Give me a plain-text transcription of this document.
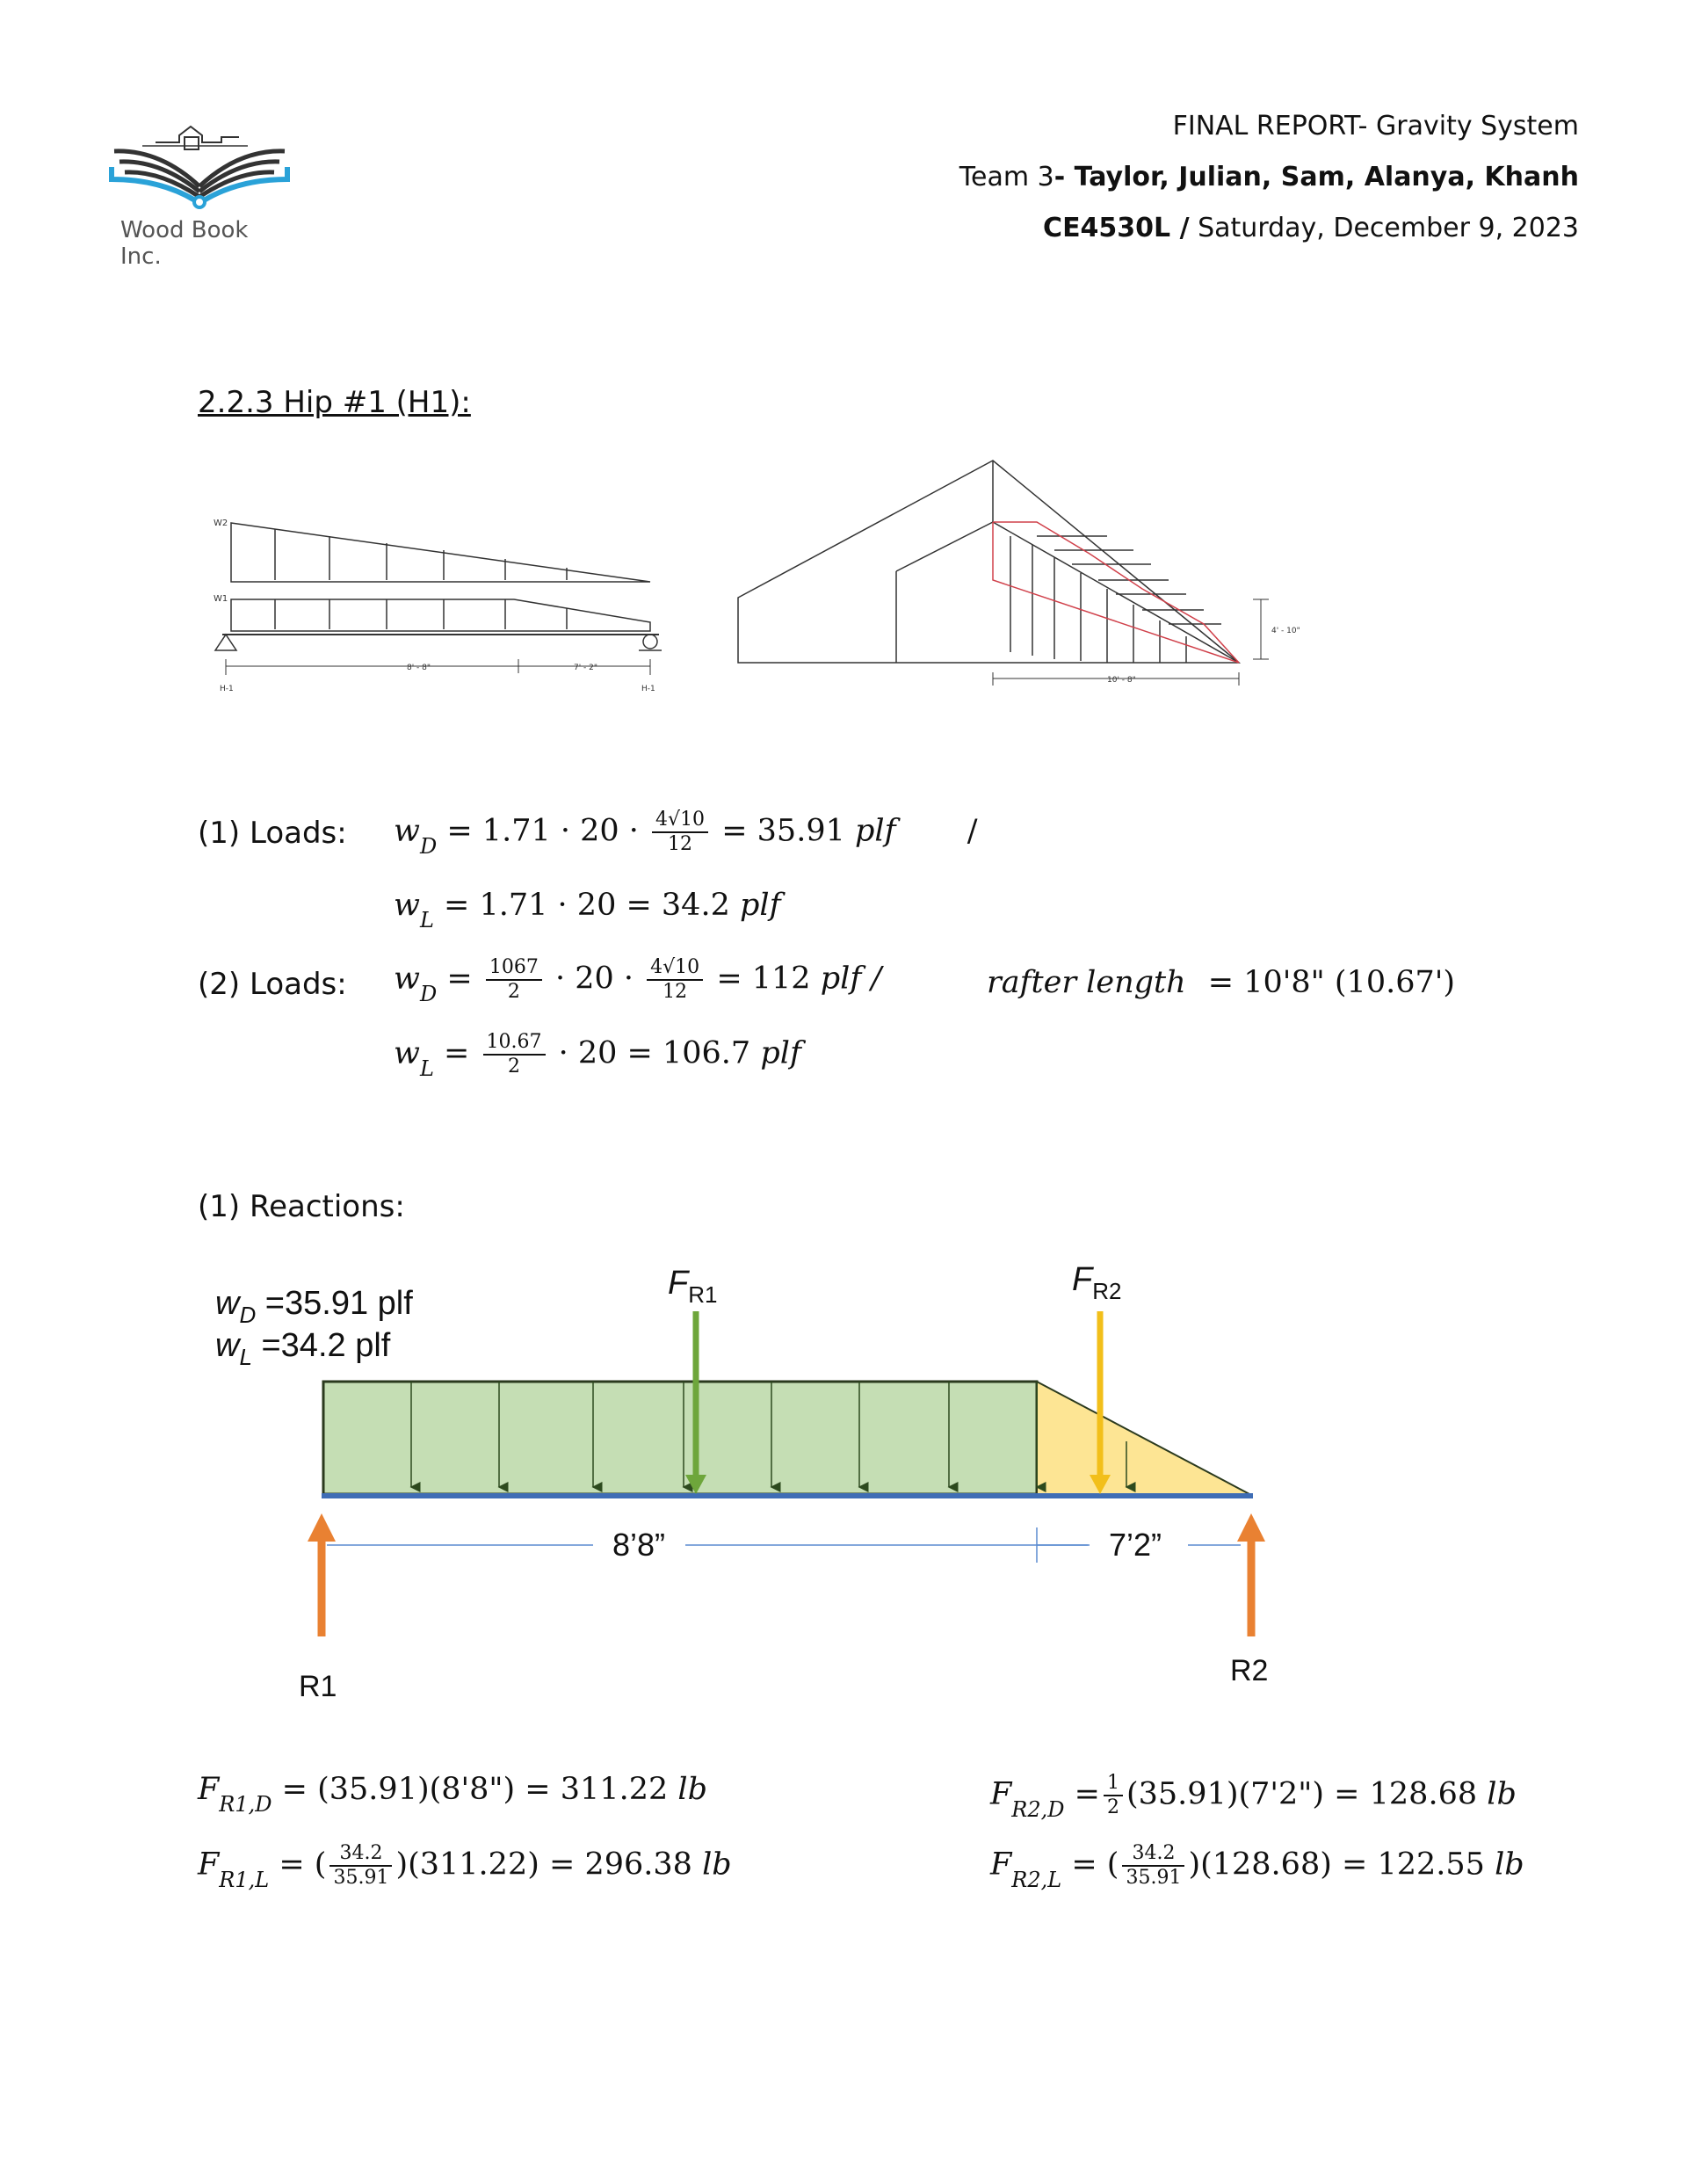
Wood Book Inc.
FINAL REPORT- Gravity System
Team 3- Taylor, Julian, Sam, Alanya, Khanh
CE4530L / Saturday, December 9, 2023
2.2.3 Hip #1 (H1):
W2
W1
8' - 8"	7' - 2"
H-1	H-1
4' - 10"
10' - 8"
(1) Loads: $w_D = 1.71 \cdot 20 \cdot \frac{4√10}{12} = 35.91$ plf /
$w_L = 1.71 \cdot 20 = 34.2$ plf
(2) Loads: $w_D = \frac{1067}{2} \cdot 20 \cdot \frac{4√10}{12} = 112$ plf /	rafter length = 10'8" (10.67')
$w_L = \frac{10.67}{2} \cdot 20 = 106.7$ plf
(1) Reactions:
$w_D =35.91$ plf
$w_L =34.2$ plf
8’8”	7’2”
R1	R2
$F_{R1}$	$F_{R2}$
$F_{R1,D}$ = (35.91)(8'8") = 311.22 lb
$F_{R1,L}$ = ( $\frac{34.2}{35.91} )(311.22) = 296.38$ lb
$F_{R2,D} = \frac{1}{2}$ (35.91)(7'2") = 128.68 lb
$F_{R2,L}$ = ( $\frac{34.2}{35.91} )(128.68) = 122.55$ lb
